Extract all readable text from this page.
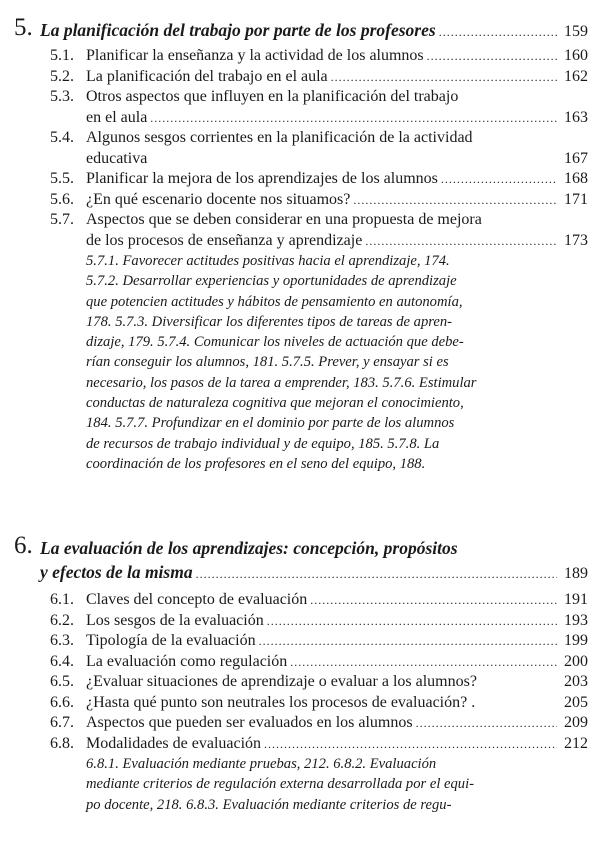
5. La planificación del trabajo por parte de los profesores . . .	159
5.1. Planificar la enseñanza y la actividad de los alumnos . . .	160
5.2. La planificación del trabajo en el aula . . .	162
5.3. Otros aspectos que influyen en la planificación del trabajo
en el aula . . .	163
5.4. Algunos sesgos corrientes en la planificación de la actividad
educativa	167
5.5. Planificar la mejora de los aprendizajes de los alumnos . . .	168
5.6. ¿En qué escenario docente nos situamos? . . .	171
5.7. Aspectos que se deben considerar en una propuesta de mejora
de los procesos de enseñanza y aprendizaje . . .	173
5.7.1. Favorecer actitudes positivas hacia el aprendizaje, 174.
5.7.2. Desarrollar experiencias y oportunidades de aprendizaje
que potencien actitudes y hábitos de pensamiento en autonomía,
178. 5.7.3. Diversificar los diferentes tipos de tareas de apren-
dizaje, 179. 5.7.4. Comunicar los niveles de actuación que debe-
rían conseguir los alumnos, 181. 5.7.5. Prever, y ensayar si es
necesario, los pasos de la tarea a emprender, 183. 5.7.6. Estimular
conductas de naturaleza cognitiva que mejoran el conocimiento,
184. 5.7.7. Profundizar en el dominio por parte de los alumnos
de recursos de trabajo individual y de equipo, 185. 5.7.8. La
coordinación de los profesores en el seno del equipo, 188.
6. La evaluación de los aprendizajes: concepción, propósitos
y efectos de la misma . . .	189
6.1. Claves del concepto de evaluación . . .	191
6.2. Los sesgos de la evaluación . . .	193
6.3. Tipología de la evaluación . . .	199
6.4. La evaluación como regulación . . .	200
6.5. ¿Evaluar situaciones de aprendizaje o evaluar a los alumnos?	203
6.6. ¿Hasta qué punto son neutrales los procesos de evaluación? .	205
6.7. Aspectos que pueden ser evaluados en los alumnos . . .	209
6.8. Modalidades de evaluación . . .	212
6.8.1. Evaluación mediante pruebas, 212. 6.8.2. Evaluación
mediante criterios de regulación externa desarrollada por el equi-
po docente, 218. 6.8.3. Evaluación mediante criterios de regu-
